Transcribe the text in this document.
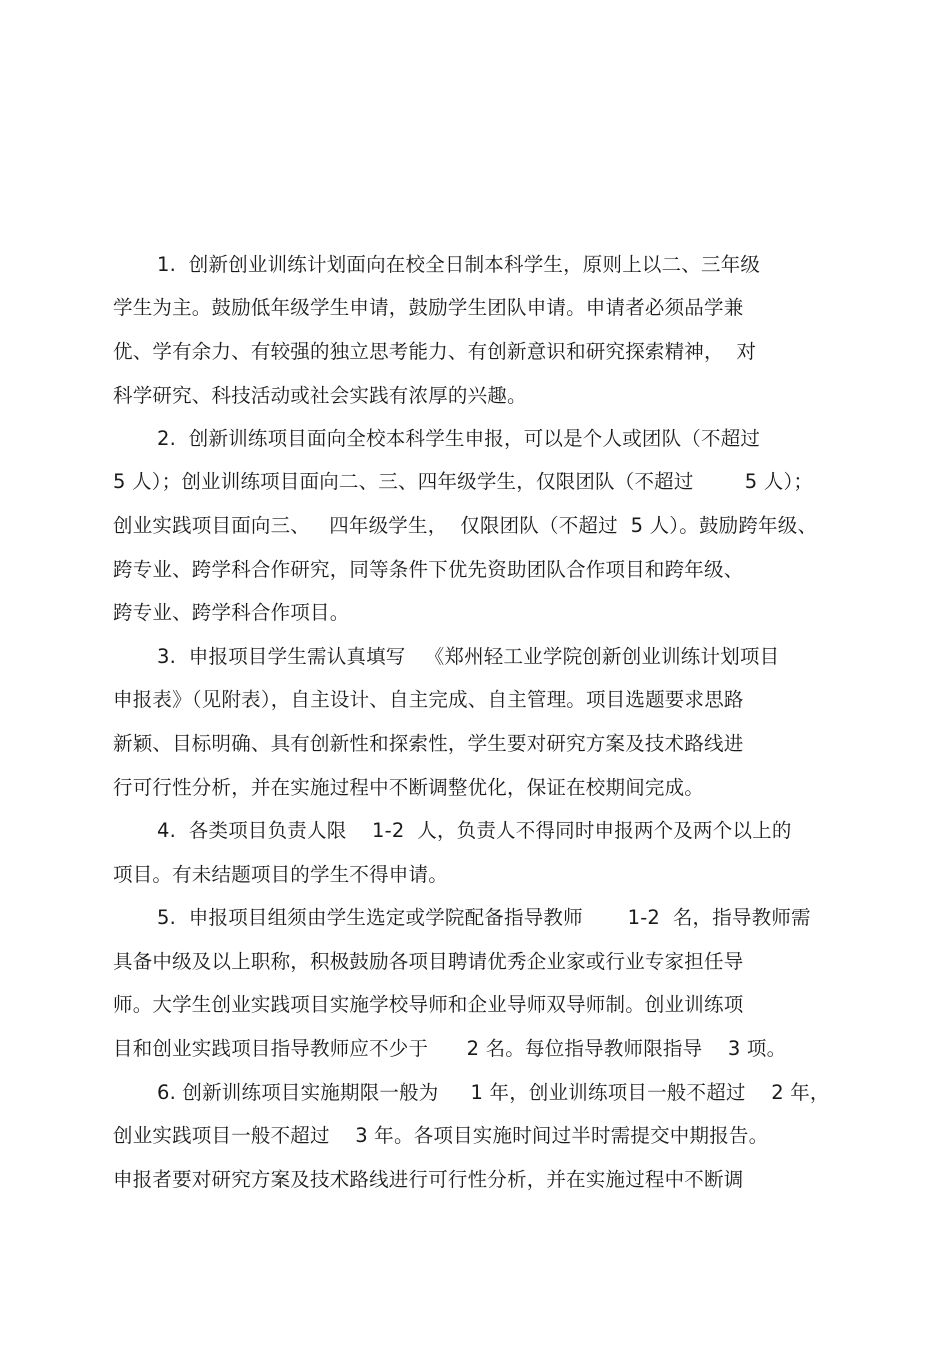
1.  创新创业训练计划面向在校全日制本科学生，原则上以二、三年级
学生为主。鼓励低年级学生申请，鼓励学生团队申请。申请者必须品学兼
优、学有余力、有较强的独立思考能力、有创新意识和研究探索精神，  对
科学研究、科技活动或社会实践有浓厚的兴趣。
2.  创新训练项目面向全校本科学生申报，可以是个人或团队（不超过
5 人）；创业训练项目面向二、三、四年级学生，仅限团队（不超过        5 人）；
创业实践项目面向三、   四年级学生，  仅限团队（不超过  5 人）。鼓励跨年级、
跨专业、跨学科合作研究，同等条件下优先资助团队合作项目和跨年级、
跨专业、跨学科合作项目。
3.  申报项目学生需认真填写   《郑州轻工业学院创新创业训练计划项目
申报表》（见附表），自主设计、自主完成、自主管理。项目选题要求思路
新颖、目标明确、具有创新性和探索性，学生要对研究方案及技术路线进
行可行性分析，并在实施过程中不断调整优化，保证在校期间完成。
4.  各类项目负责人限    1-2  人，负责人不得同时申报两个及两个以上的
项目。有未结题项目的学生不得申请。
5.  申报项目组须由学生选定或学院配备指导教师       1-2  名，指导教师需
具备中级及以上职称，积极鼓励各项目聘请优秀企业家或行业专家担任导
师。大学生创业实践项目实施学校导师和企业导师双导师制。创业训练项
目和创业实践项目指导教师应不少于      2 名。每位指导教师限指导    3 项。
6. 创新训练项目实施期限一般为     1 年，创业训练项目一般不超过    2 年，
创业实践项目一般不超过    3 年。各项目实施时间过半时需提交中期报告。
申报者要对研究方案及技术路线进行可行性分析，并在实施过程中不断调
